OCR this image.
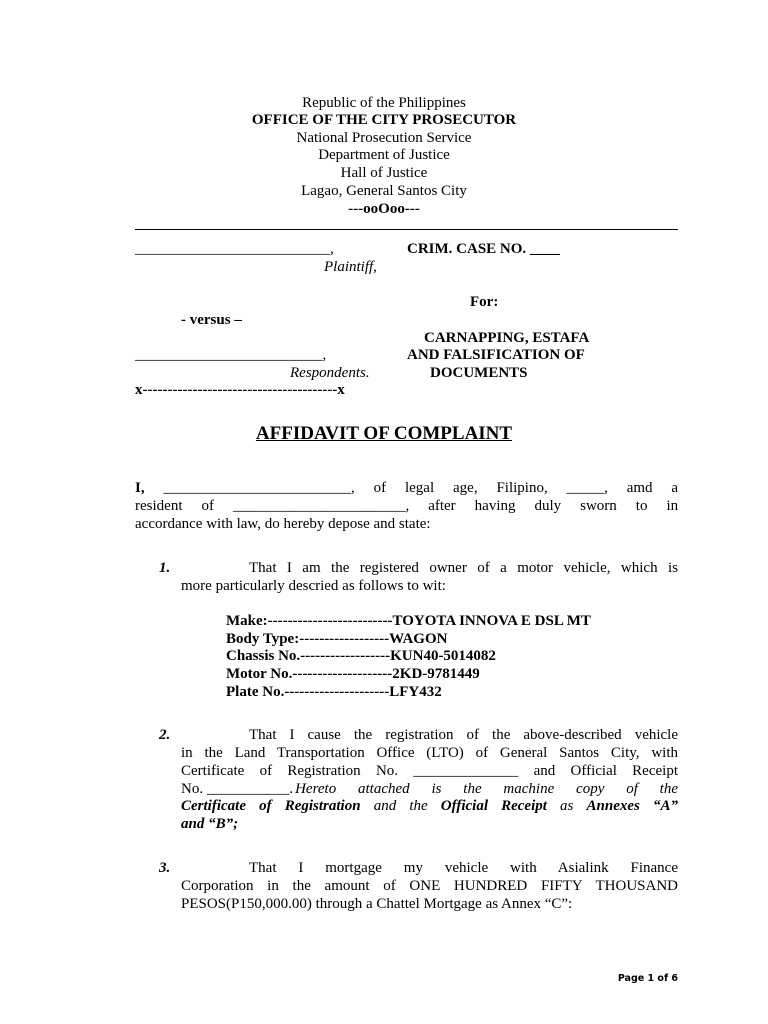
Republic of the Philippines
OFFICE OF THE CITY PROSECUTOR
National Prosecution Service
Department of Justice
Hall of Justice
Lagao, General Santos City
---ooOoo---
__________________________,
Plaintiff,
- versus –
_________________________,
Respondents.
x---------------------------------------x
CRIM. CASE NO. ____
For:
CARNAPPING, ESTAFA
AND FALSIFICATION OF
DOCUMENTS
AFFIDAVIT OF COMPLAINT
I, _________________________, of legal age, Filipino, _____, amd a
resident of _______________________, after having duly sworn to in
accordance with law, do hereby depose and state:
1.	That I am the registered owner of a motor vehicle, which is
more particularly descried as follows to wit:
Make:-------------------------TOYOTA INNOVA E DSL MT
Body Type:------------------WAGON
Chassis No.------------------KUN40-5014082
Motor No.--------------------2KD-9781449
Plate No.---------------------LFY432
2.	That I cause the registration of the above-described vehicle
in the Land Transportation Office (LTO) of General Santos City, with
Certificate of Registration No. ______________ and Official Receipt
No. ___________. Hereto attached is the machine copy of the
Certificate of Registration and the Official Receipt as Annexes “A”
and “B”;
3.	That I mortgage my vehicle with Asialink Finance
Corporation in the amount of ONE HUNDRED FIFTY THOUSAND
PESOS(P150,000.00) through a Chattel Mortgage as Annex “C”:
Page 1 of 6
